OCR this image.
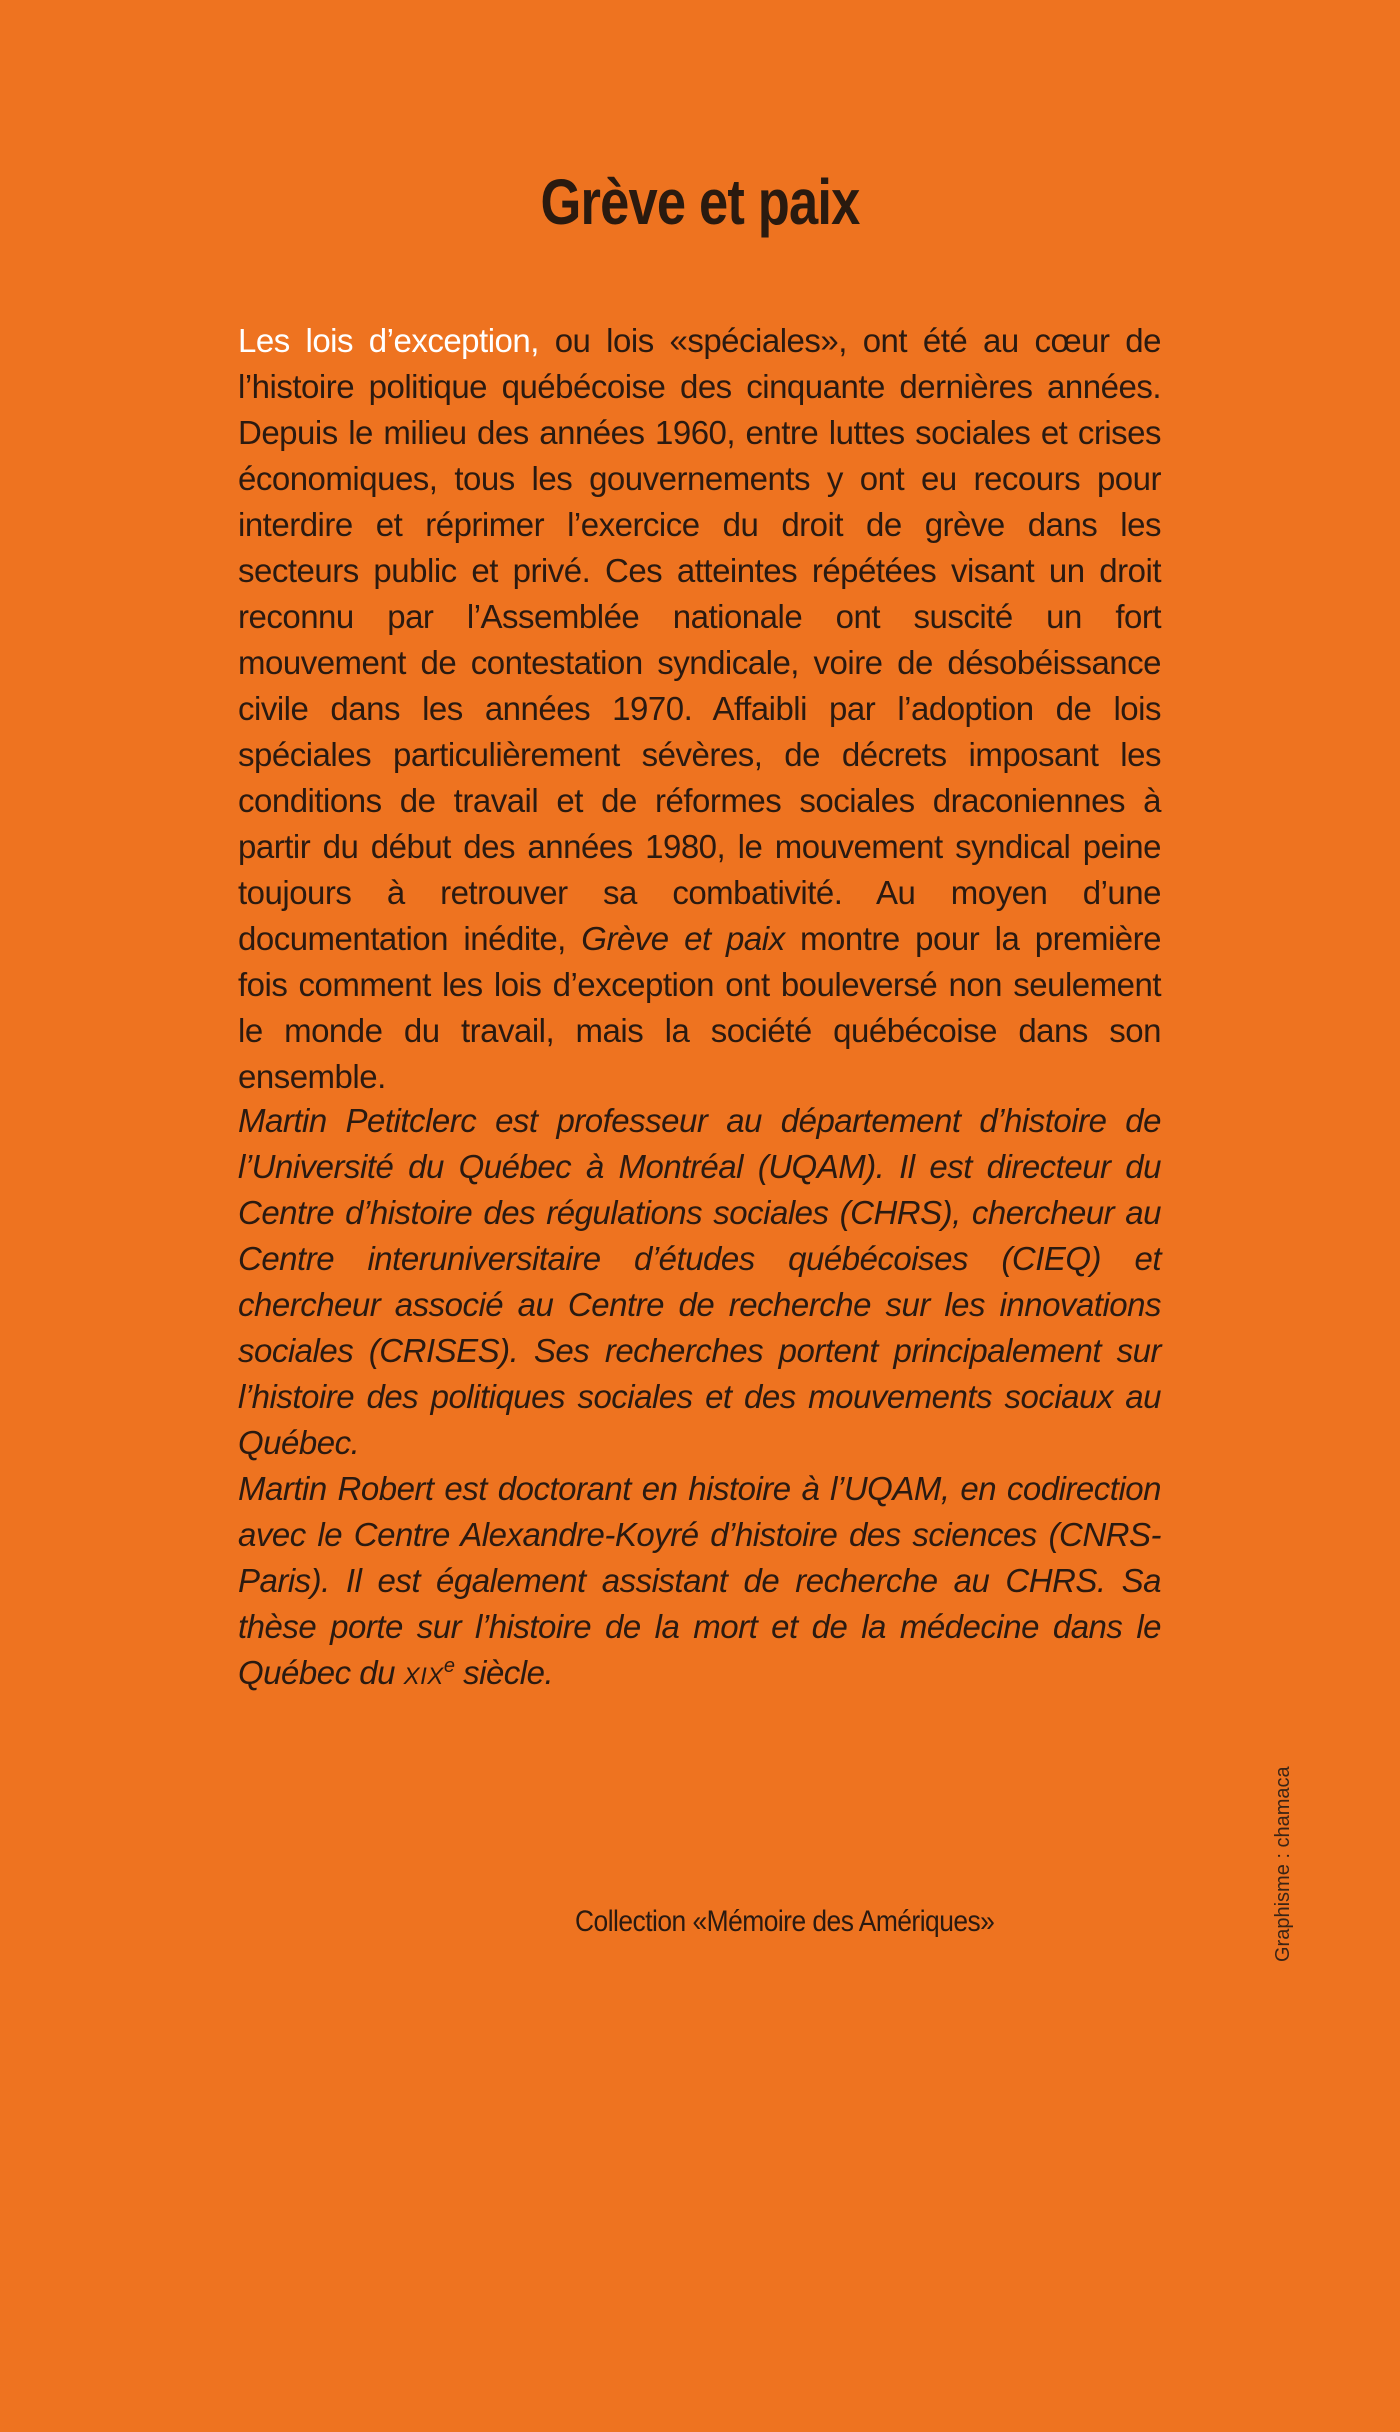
Grève et paix

Les lois d’exception, ou lois «spéciales», ont été au cœur de l’histoire politique québécoise des cinquante dernières années. Depuis le milieu des années 1960, entre luttes sociales et crises économiques, tous les gouvernements y ont eu recours pour interdire et réprimer l’exercice du droit de grève dans les secteurs public et privé. Ces atteintes répétées visant un droit reconnu par l’Assemblée nationale ont suscité un fort mouvement de contestation syndicale, voire de désobéissance civile dans les années 1970. Affaibli par l’adoption de lois spéciales particulièrement sévères, de décrets imposant les conditions de travail et de réformes sociales draconiennes à partir du début des années 1980, le mouvement syndical peine toujours à retrouver sa combativité. Au moyen d’une documentation inédite, Grève et paix montre pour la première fois comment les lois d’exception ont bouleversé non seulement le monde du travail, mais la société québécoise dans son ensemble.

Martin Petitclerc est professeur au département d’histoire de l’Université du Québec à Montréal (UQAM). Il est directeur du Centre d’histoire des régulations sociales (CHRS), chercheur au Centre interuniversitaire d’études québécoises (CIEQ) et chercheur associé au Centre de recherche sur les innovations sociales (CRISES). Ses recherches portent principalement sur l’histoire des politiques sociales et des mouvements sociaux au Québec.

Martin Robert est doctorant en histoire à l’UQAM, en codirection avec le Centre Alexandre-Koyré d’histoire des sciences (CNRS-Paris). Il est également assistant de recherche au CHRS. Sa thèse porte sur l’histoire de la mort et de la médecine dans le Québec du XIXe siècle.

Collection «Mémoire des Amériques»	Graphisme : chamaca
